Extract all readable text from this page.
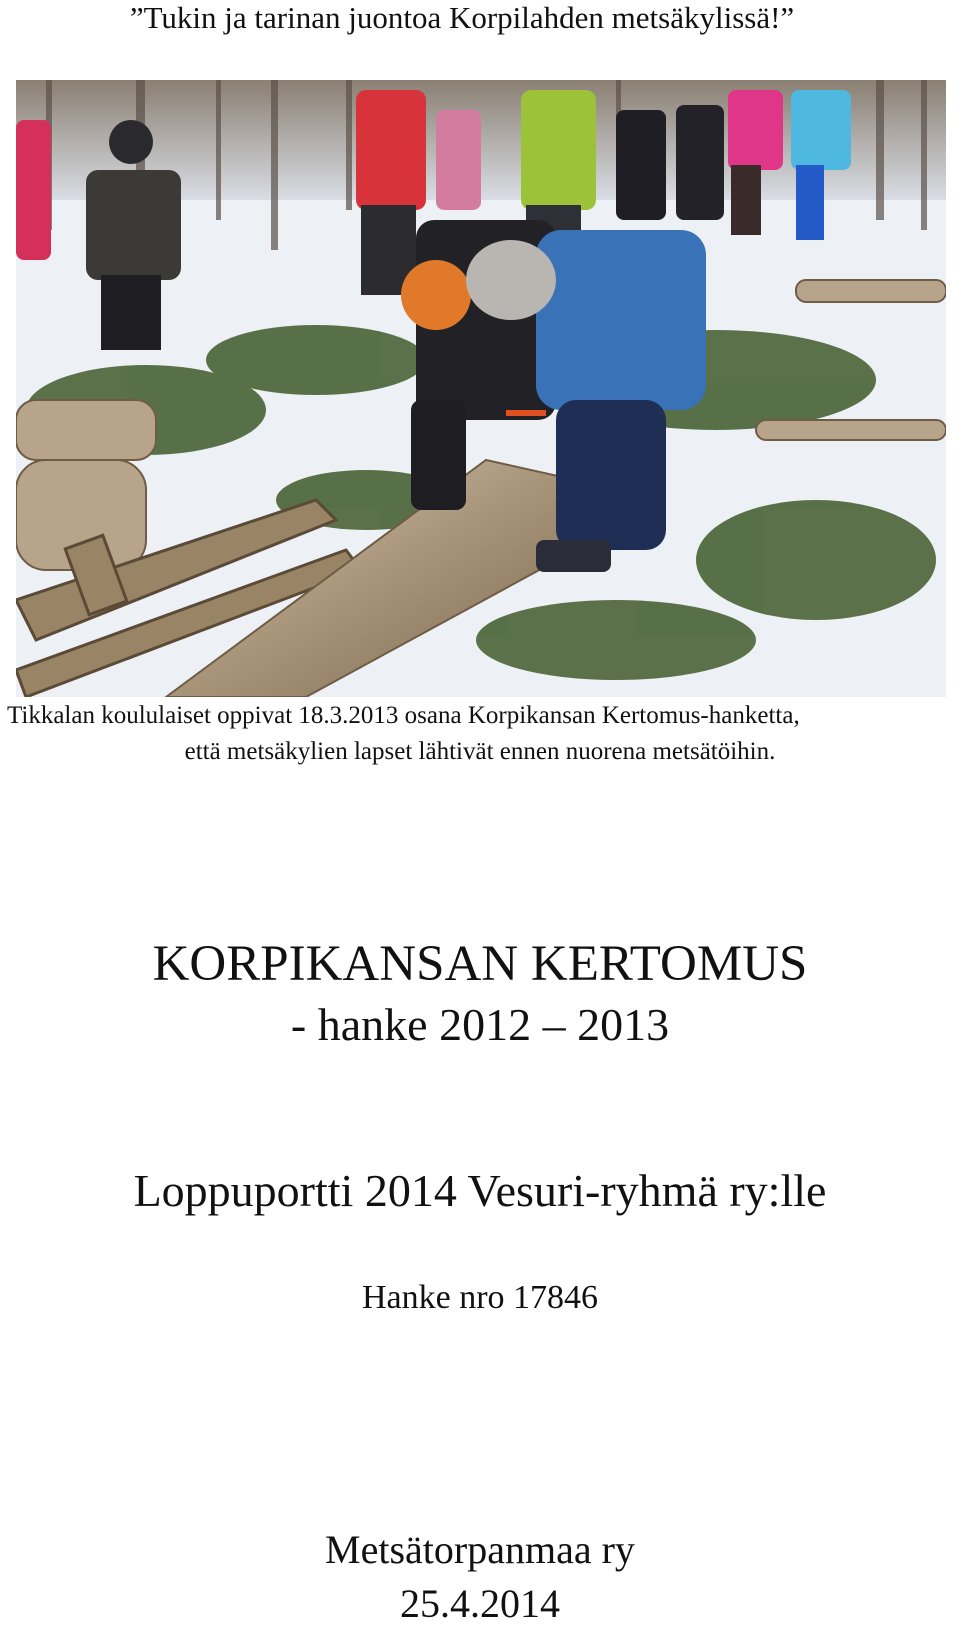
”Tukin ja tarinan juontoa Korpilahden metsäkylissä!”
Tikkalan koululaiset oppivat 18.3.2013 osana Korpikansan Kertomus-hanketta,
että metsäkylien lapset lähtivät ennen nuorena metsätöihin.
KORPIKANSAN KERTOMUS
- hanke 2012 – 2013
Loppuportti 2014 Vesuri-ryhmä ry:lle
Hanke nro 17846
Metsätorpanmaa ry
25.4.2014
